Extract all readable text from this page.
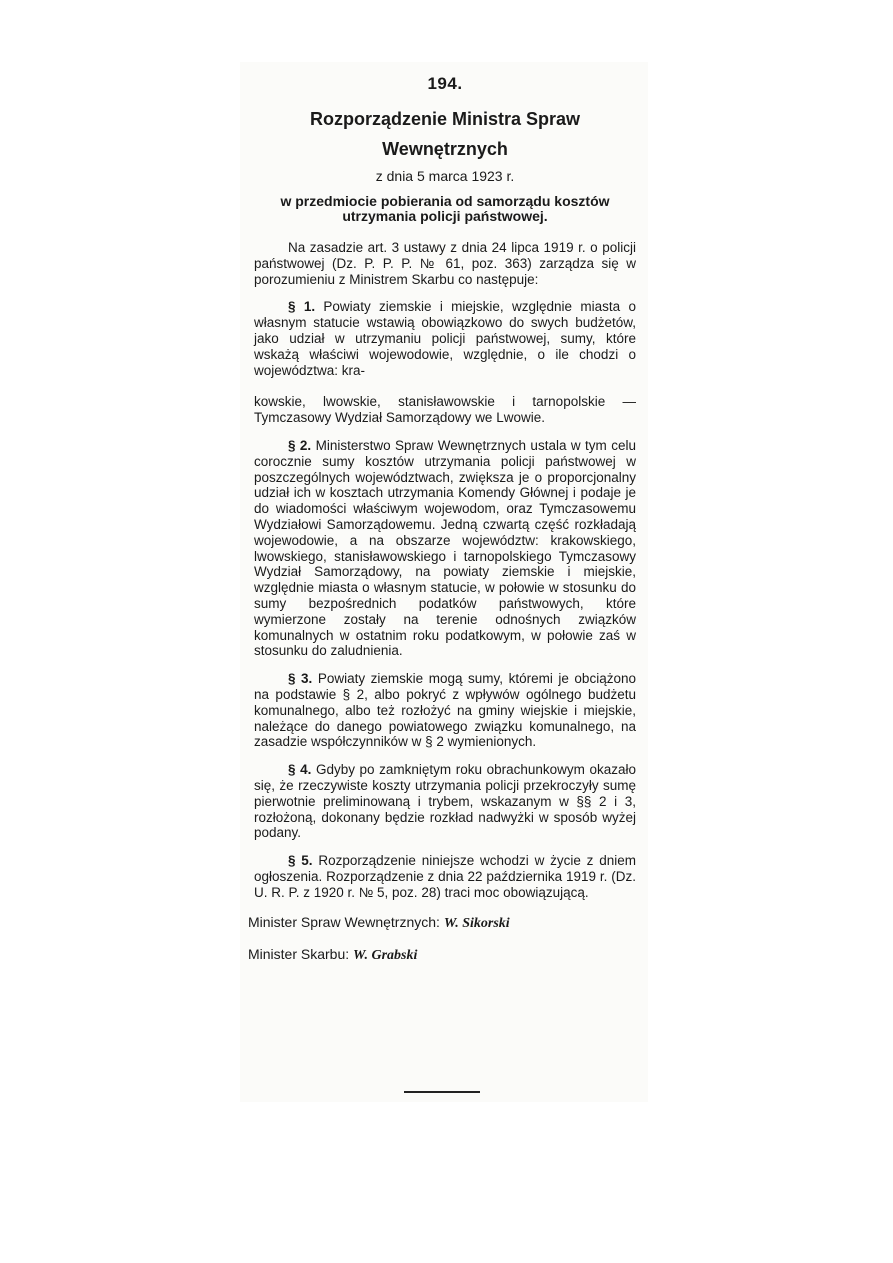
194.
Rozporządzenie Ministra Spraw Wewnętrznych
z dnia 5 marca 1923 r.
w przedmiocie pobierania od samorządu kosztów utrzymania policji państwowej.

Na zasadzie art. 3 ustawy z dnia 24 lipca 1919 r. o policji państwowej (Dz. P. P. P. № 61, poz. 363) zarządza się w porozumieniu z Ministrem Skarbu co następuje:

§ 1. Powiaty ziemskie i miejskie, względnie miasta o własnym statucie wstawią obowiązkowo do swych budżetów, jako udział w utrzymaniu policji państwowej, sumy, które wskażą właściwi wojewodowie, względnie, o ile chodzi o województwa: kra-

kowskie, lwowskie, stanisławowskie i tarnopolskie —Tymczasowy Wydział Samorządowy we Lwowie.

§ 2. Ministerstwo Spraw Wewnętrznych ustala w tym celu corocznie sumy kosztów utrzymania policji państwowej w poszczególnych województwach, zwiększa je o proporcjonalny udział ich w kosztach utrzymania Komendy Głównej i podaje je do wiadomości właściwym wojewodom, oraz Tymczasowemu Wydziałowi Samorządowemu. Jedną czwartą część rozkładają wojewodowie, a na obszarze województw: krakowskiego, lwowskiego, stanisławowskiego i tarnopolskiego Tymczasowy Wydział Samorządowy, na powiaty ziemskie i miejskie, względnie miasta o własnym statucie, w połowie w stosunku do sumy bezpośrednich podatków państwowych, które wymierzone zostały na terenie odnośnych związków komunalnych w ostatnim roku podatkowym, w połowie zaś w stosunku do zaludnienia.

§ 3. Powiaty ziemskie mogą sumy, któremi je obciążono na podstawie § 2, albo pokryć z wpływów ogólnego budżetu komunalnego, albo też rozłożyć na gminy wiejskie i miejskie, należące do danego powiatowego związku komunalnego, na zasadzie współczynników w § 2 wymienionych.

§ 4. Gdyby po zamkniętym roku obrachunkowym okazało się, że rzeczywiste koszty utrzymania policji przekroczyły sumę pierwotnie preliminowaną i trybem, wskazanym w §§ 2 i 3, rozłożoną, dokonany będzie rozkład nadwyżki w sposób wyżej podany.

§ 5. Rozporządzenie niniejsze wchodzi w życie z dniem ogłoszenia. Rozporządzenie z dnia 22 października 1919 r. (Dz. U. R. P. z 1920 r. № 5, poz. 28) traci moc obowiązującą.

Minister Spraw Wewnętrznych: W. Sikorski
Minister Skarbu: W. Grabski
